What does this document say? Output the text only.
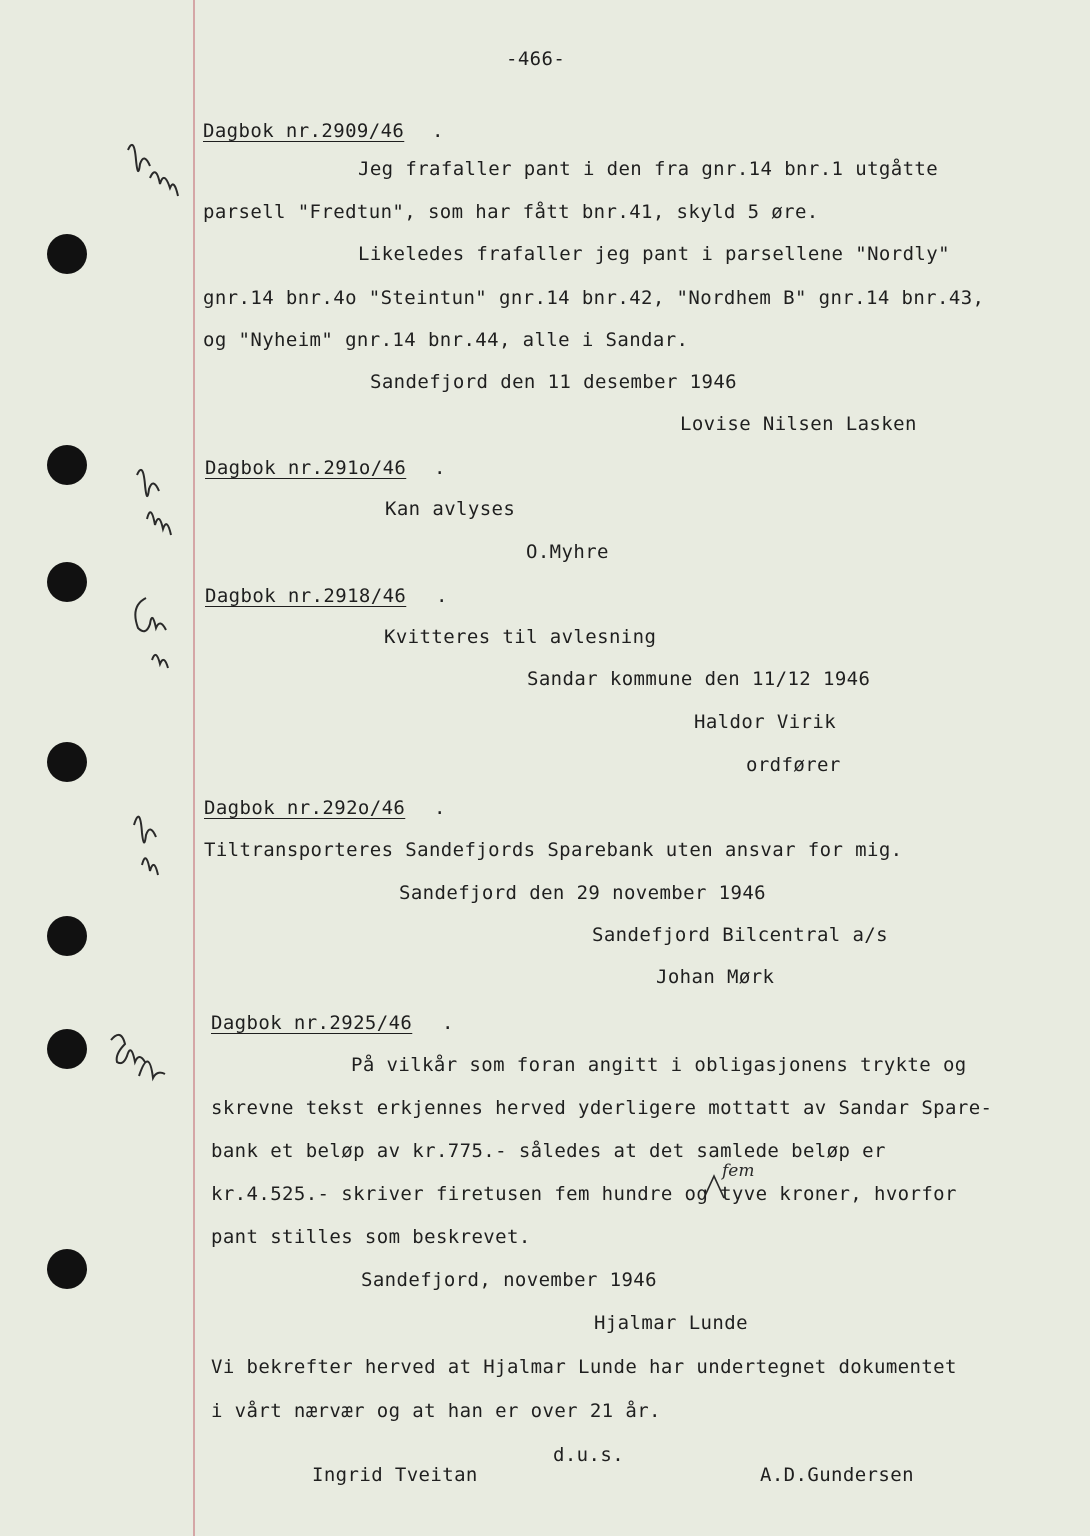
-466-
Dagbok nr.2909/46 .
Jeg frafaller pant i den fra gnr.14 bnr.1 utgåtte
parsell "Fredtun", som har fått bnr.41, skyld 5 øre.
Likeledes frafaller jeg pant i parsellene "Nordly"
gnr.14 bnr.4o "Steintun" gnr.14 bnr.42, "Nordhem B" gnr.14 bnr.43,
og "Nyheim" gnr.14 bnr.44, alle i Sandar.
Sandefjord den 11 desember 1946
Lovise Nilsen Lasken
Dagbok nr.291o/46 .
Kan avlyses
O.Myhre
Dagbok nr.2918/46 .
Kvitteres til avlesning
Sandar kommune den 11/12 1946
Haldor Virik
ordfører
Dagbok nr.292o/46 .
Tiltransporteres Sandefjords Sparebank uten ansvar for mig.
Sandefjord den 29 november 1946
Sandefjord Bilcentral a/s
Johan Mørk
Dagbok nr.2925/46 .
På vilkår som foran angitt i obligasjonens trykte og
skrevne tekst erkjennes herved yderligere mottatt av Sandar Spare-
bank et beløp av kr.775.- således at det samlede beløp er
fem
kr.4.525.- skriver firetusen fem hundre og tyve kroner, hvorfor
pant stilles som beskrevet.
Sandefjord, november 1946
Hjalmar Lunde
Vi bekrefter herved at Hjalmar Lunde har undertegnet dokumentet
i vårt nærvær og at han er over 21 år.
d.u.s.
Ingrid Tveitan	A.D.Gundersen
